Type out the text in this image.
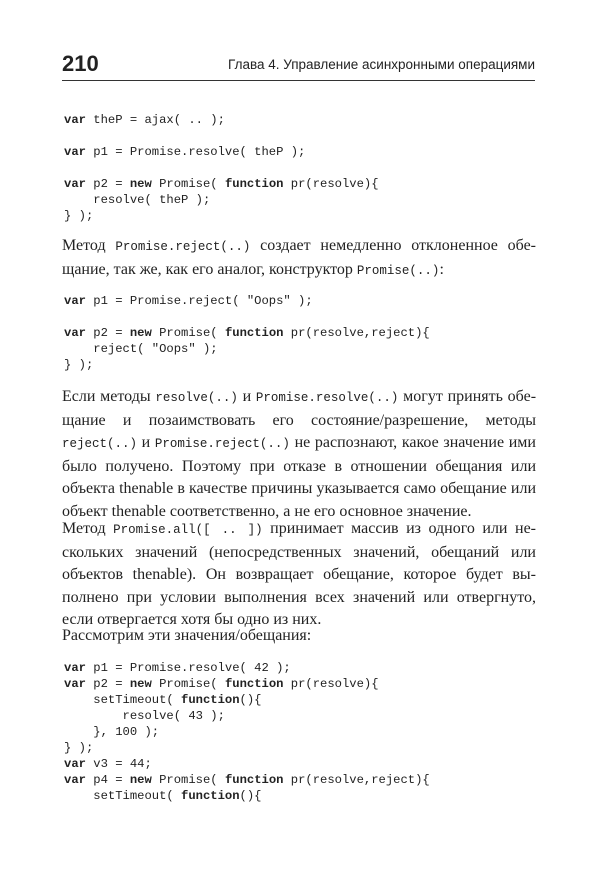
210	Глава 4. Управление асинхронными операциями
var theP = ajax( .. );
var p1 = Promise.resolve( theP );
var p2 = new Promise( function pr(resolve){
resolve( theP );
} );

Метод Promise.reject(..) создает немедленно отклоненное обе-щание, так же, как его аналог, конструктор Promise(..):

var p1 = Promise.reject( "Oops" );
var p2 = new Promise( function pr(resolve,reject){
reject( "Oops" );
} );

Если методы resolve(..) и Promise.resolve(..) могут принять обе-щание и позаимствовать его состояние/разрешение, методы reject(..) и Promise.reject(..) не распознают, какое значение ими было получено. Поэтому при отказе в отношении обещания или объекта thenable в качестве причины указывается само обещание или объект thenable соответственно, а не его основное значение.

Метод Promise.all([ .. ]) принимает массив из одного или не-скольких значений (непосредственных значений, обещаний или объектов thenable). Он возвращает обещание, которое будет вы-полнено при условии выполнения всех значений или отвергнуто, если отвергается хотя бы одно из них.

Рассмотрим эти значения/обещания:

var p1 = Promise.resolve( 42 );
var p2 = new Promise( function pr(resolve){
setTimeout( function(){
resolve( 43 );
}, 100 );
} );
var v3 = 44;
var p4 = new Promise( function pr(resolve,reject){
setTimeout( function(){
